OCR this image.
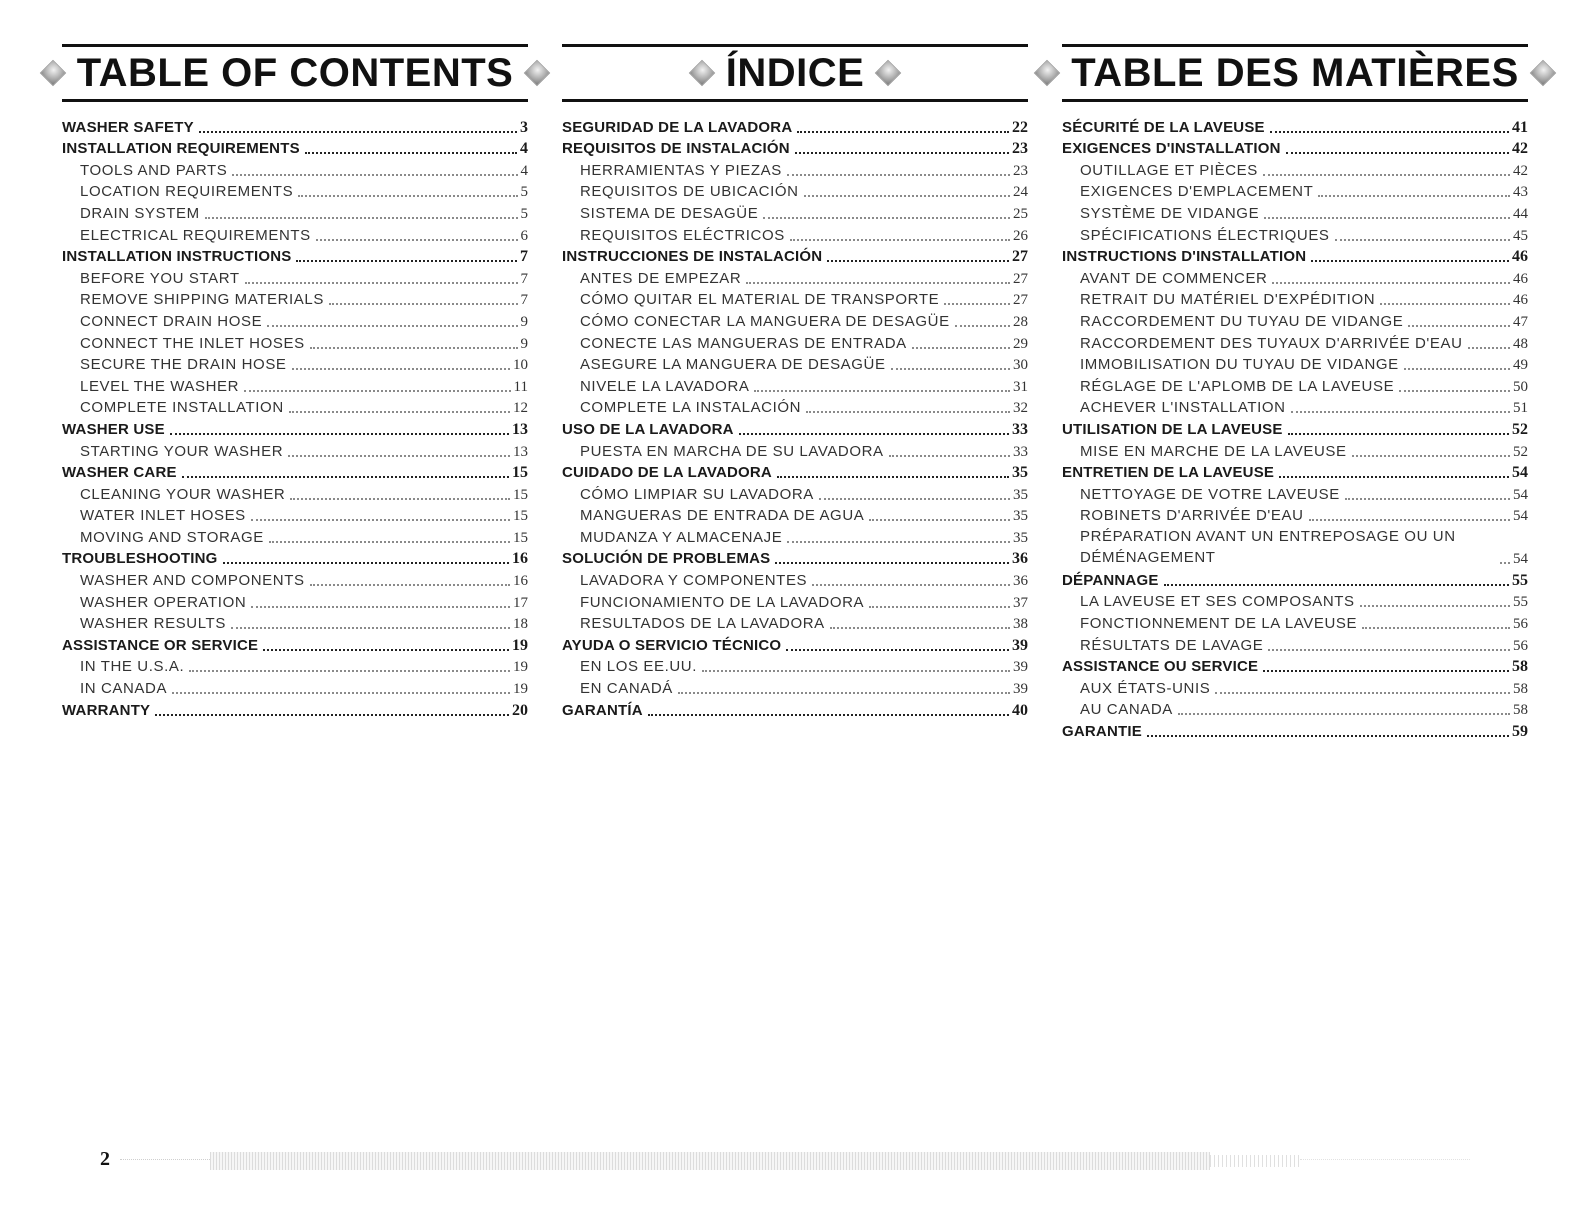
TABLE OF CONTENTS
WASHER SAFETY	3
INSTALLATION REQUIREMENTS	4
TOOLS AND PARTS	4
LOCATION REQUIREMENTS	5
DRAIN SYSTEM	5
ELECTRICAL REQUIREMENTS	6
INSTALLATION INSTRUCTIONS	7
BEFORE YOU START	7
REMOVE SHIPPING MATERIALS	7
CONNECT DRAIN HOSE	9
CONNECT THE INLET HOSES	9
SECURE THE DRAIN HOSE	10
LEVEL THE WASHER	11
COMPLETE INSTALLATION	12
WASHER USE	13
STARTING YOUR WASHER	13
WASHER CARE	15
CLEANING YOUR WASHER	15
WATER INLET HOSES	15
MOVING AND STORAGE	15
TROUBLESHOOTING	16
WASHER AND COMPONENTS	16
WASHER OPERATION	17
WASHER RESULTS	18
ASSISTANCE OR SERVICE	19
IN THE U.S.A.	19
IN CANADA	19
WARRANTY	20
ÍNDICE
SEGURIDAD DE LA LAVADORA	22
REQUISITOS DE INSTALACIÓN	23
HERRAMIENTAS Y PIEZAS	23
REQUISITOS DE UBICACIÓN	24
SISTEMA DE DESAGÜE	25
REQUISITOS ELÉCTRICOS	26
INSTRUCCIONES DE INSTALACIÓN	27
ANTES DE EMPEZAR	27
CÓMO QUITAR EL MATERIAL DE TRANSPORTE	27
CÓMO CONECTAR LA MANGUERA DE DESAGÜE	28
CONECTE LAS MANGUERAS DE ENTRADA	29
ASEGURE LA MANGUERA DE DESAGÜE	30
NIVELE LA LAVADORA	31
COMPLETE LA INSTALACIÓN	32
USO DE LA LAVADORA	33
PUESTA EN MARCHA DE SU LAVADORA	33
CUIDADO DE LA LAVADORA	35
CÓMO LIMPIAR SU LAVADORA	35
MANGUERAS DE ENTRADA DE AGUA	35
MUDANZA Y ALMACENAJE	35
SOLUCIÓN DE PROBLEMAS	36
LAVADORA Y COMPONENTES	36
FUNCIONAMIENTO DE LA LAVADORA	37
RESULTADOS DE LA LAVADORA	38
AYUDA O SERVICIO TÉCNICO	39
EN LOS EE.UU.	39
EN CANADÁ	39
GARANTÍA	40
TABLE DES MATIÈRES
SÉCURITÉ DE LA LAVEUSE	41
EXIGENCES D'INSTALLATION	42
OUTILLAGE ET PIÈCES	42
EXIGENCES D'EMPLACEMENT	43
SYSTÈME DE VIDANGE	44
SPÉCIFICATIONS ÉLECTRIQUES	45
INSTRUCTIONS D'INSTALLATION	46
AVANT DE COMMENCER	46
RETRAIT DU MATÉRIEL D'EXPÉDITION	46
RACCORDEMENT DU TUYAU DE VIDANGE	47
RACCORDEMENT DES TUYAUX D'ARRIVÉE D'EAU	48
IMMOBILISATION DU TUYAU DE VIDANGE	49
RÉGLAGE DE L'APLOMB DE LA LAVEUSE	50
ACHEVER L'INSTALLATION	51
UTILISATION DE LA LAVEUSE	52
MISE EN MARCHE DE LA LAVEUSE	52
ENTRETIEN DE LA LAVEUSE	54
NETTOYAGE DE VOTRE LAVEUSE	54
ROBINETS D'ARRIVÉE D'EAU	54
PRÉPARATION AVANT UN ENTREPOSAGE OU UN DÉMÉNAGEMENT	54
DÉPANNAGE	55
LA LAVEUSE ET SES COMPOSANTS	55
FONCTIONNEMENT DE LA LAVEUSE	56
RÉSULTATS DE LAVAGE	56
ASSISTANCE OU SERVICE	58
AUX ÉTATS-UNIS	58
AU CANADA	58
GARANTIE	59
2
